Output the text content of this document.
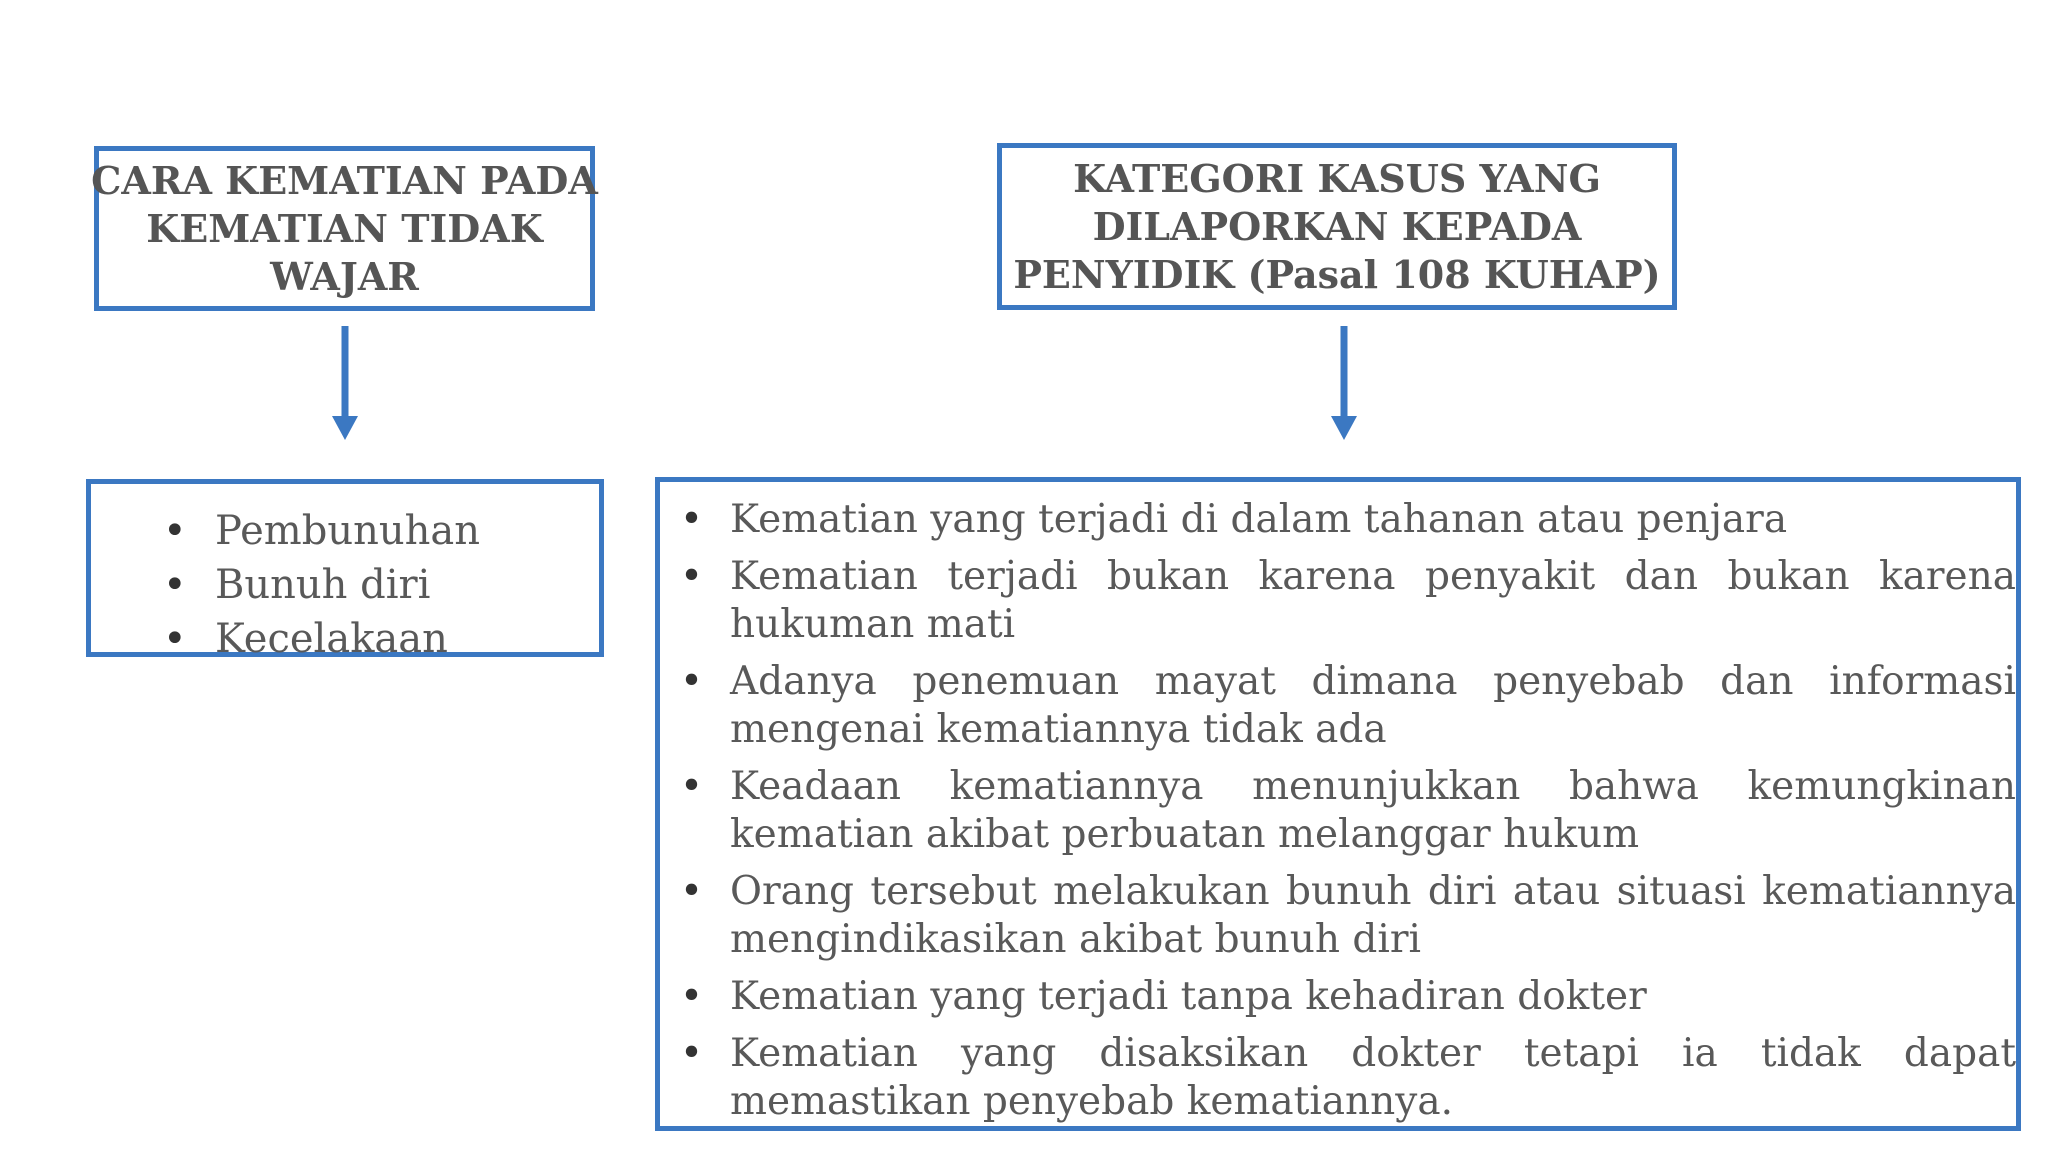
CARA KEMATIAN PADA
KEMATIAN TIDAK
WAJAR
KATEGORI KASUS YANG
DILAPORKAN KEPADA
PENYIDIK (Pasal 108 KUHAP)
• Pembunuhan
• Bunuh diri
• Kecelakaan
• Kematian yang terjadi di dalam tahanan atau penjara
• Kematian terjadi bukan karena penyakit dan bukan karena hukuman mati
• Adanya penemuan mayat dimana penyebab dan informasi mengenai kematiannya tidak ada
• Keadaan kematiannya menunjukkan bahwa kemungkinan kematian akibat perbuatan melanggar hukum
• Orang tersebut melakukan bunuh diri atau situasi kematiannya mengindikasikan akibat bunuh diri
• Kematian yang terjadi tanpa kehadiran dokter
• Kematian yang disaksikan dokter tetapi ia tidak dapat memastikan penyebab kematiannya.
